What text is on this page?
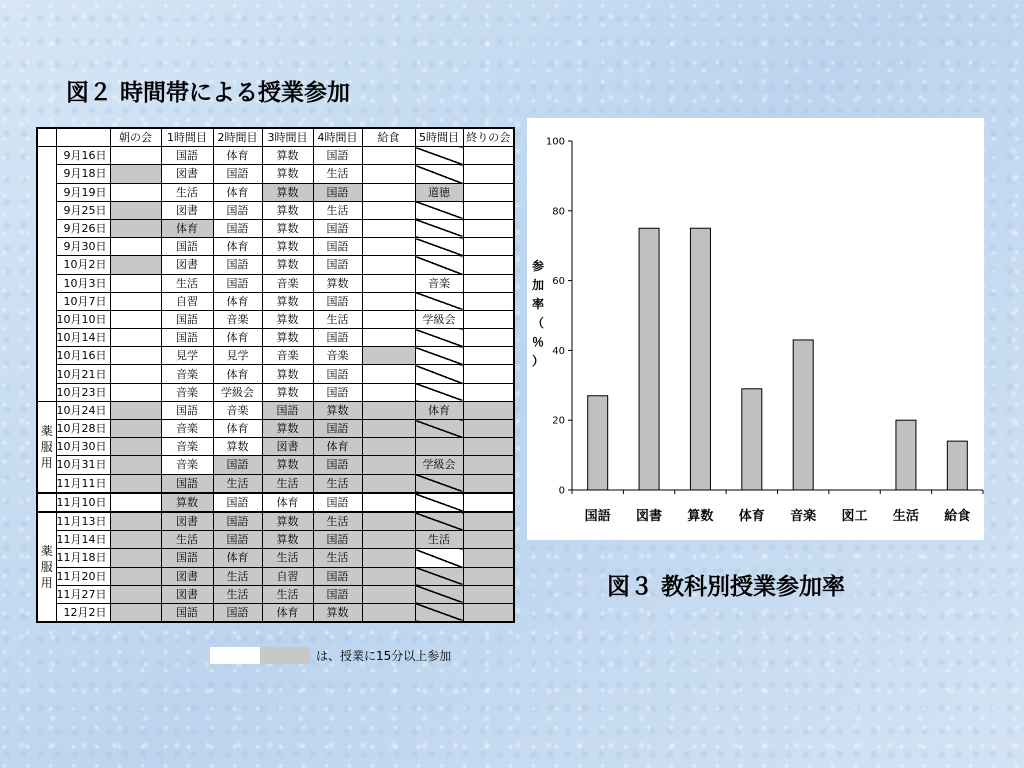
図２ 時間帯による授業参加
		朝の会	1時間目	2時間目	3時間目	4時間目	給食	5時間目	終りの会
	9月16日		国語	体育	算数	国語			
	9月18日		図書	国語	算数	生活			
	9月19日		生活	体育	算数	国語		道徳	
	9月25日		図書	国語	算数	生活			
	9月26日		体育	国語	算数	国語			
	9月30日		国語	体育	算数	国語			
	10月2日		図書	国語	算数	国語			
	10月3日		生活	国語	音楽	算数		音楽	
	10月7日		自習	体育	算数	国語			
	10月10日		国語	音楽	算数	生活		学級会	
	10月14日		国語	体育	算数	国語			
	10月16日		見学	見学	音楽	音楽			
	10月21日		音楽	体育	算数	国語			
	10月23日		音楽	学級会	算数	国語			
薬服用	10月24日		国語	音楽	国語	算数		体育	
	10月28日		音楽	体育	算数	国語			
	10月30日		音楽	算数	図書	体育			
	10月31日		音楽	国語	算数	国語		学級会	
	11月11日		国語	生活	生活	生活			
	11月10日		算数	国語	体育	国語			
薬服用	11月13日		図書	国語	算数	生活			
	11月14日		生活	国語	算数	国語		生活	
	11月18日		国語	体育	生活	生活			
	11月20日		図書	生活	自習	国語			
	11月27日		図書	生活	生活	国語			
	12月2日		国語	国語	体育	算数			
は、授業に15分以上参加
0
20
40
60
80
100
参
加
率
（
％
）
国語 図書 算数 体育 音楽 図工 生活 給食
図３ 教科別授業参加率
